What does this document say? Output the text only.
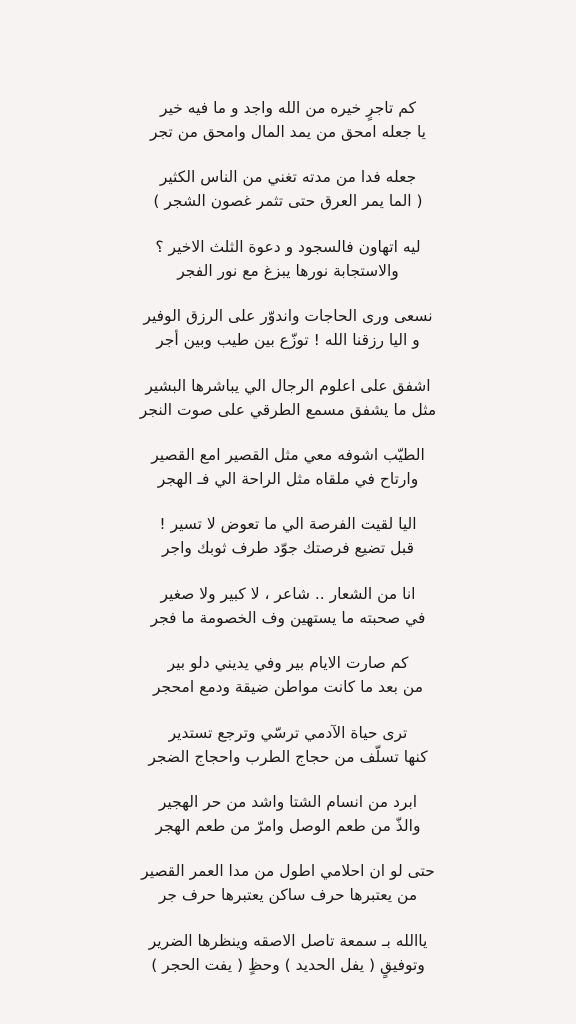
كم تاجرٍ خيره من الله واجد و ما فيه خير
يا جعله امحق من يمد المال وامحق من تجر
جعله فدا من مدته تغني من الناس الكثير
( الما يمر العرق حتى تثمر غصون الشجر )
ليه اتهاون فالسجود و دعوة الثلث الاخير ؟
والاستجابة نورها يبزغ مع نور الفجر
نسعى ورى الحاجات واندوّر على الرزق الوفير
و اليا رزقنا الله ! توزّع بين طيب وبين أجر
اشفق على اعلوم الرجال الي يباشرها البشير
مثل ما يشفق مسمع الطرقي على صوت النجر
الطيّب اشوفه معي مثل القصير امع القصير
وارتاح في ملقاه مثل الراحة الي فـ الهجر
اليا لقيت الفرصة الي ما تعوض لا تسير !
قبل تضيع فرصتك جوّد طرف ثوبك واجر
انا من الشعار .. شاعر ، لا كبير ولا صغير
في صحبته ما يستهين وف الخصومة ما فجر
كم صارت الايام بير وفي يديني دلو بير
من بعد ما كانت مواطن ضيقة ودمع امحجر
ترى حياة الآدمي ترسّي وترجع تستدير
كنها تسلّف من حجاج الطرب واحجاج الضجر
ابرد من انسام الشتا واشد من حر الهجير
والذّ من طعم الوصل وامرّ من طعم الهجر
حتى لو ان احلامي اطول من مدا العمر القصير
من يعتبرها حرف ساكن يعتبرها حرف جر
ياالله بـ سمعة تاصل الاصقه وينظرها الضرير
وتوفيقٍ ( يفل الحديد ) وحظٍ ( يفت الحجر )
